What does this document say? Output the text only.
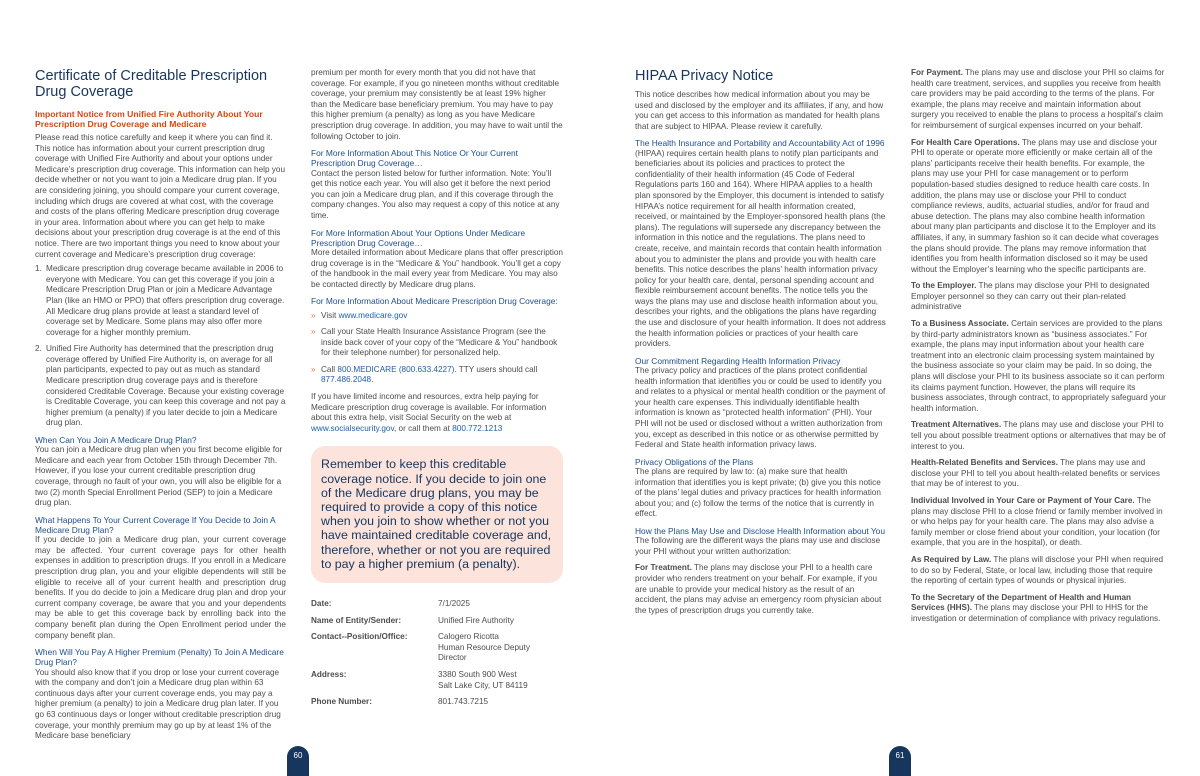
Certificate of Creditable Prescription Drug Coverage
Important Notice from Unified Fire Authority About Your Prescription Drug Coverage and Medicare

Please read this notice carefully and keep it where you can find it. This notice has information about your current prescription drug coverage with Unified Fire Authority and about your options under Medicare’s prescription drug coverage. This information can help you decide whether or not you want to join a Medicare drug plan. If you are considering joining, you should compare your current coverage, including which drugs are covered at what cost, with the coverage and costs of the plans offering Medicare prescription drug coverage in your area. Information about where you can get help to make decisions about your prescription drug coverage is at the end of this notice. There are two important things you need to know about your current coverage and Medicare’s prescription drug coverage:

1. Medicare prescription drug coverage became available in 2006 to everyone with Medicare. You can get this coverage if you join a Medicare Prescription Drug Plan or join a Medicare Advantage Plan (like an HMO or PPO) that offers prescription drug coverage. All Medicare drug plans provide at least a standard level of coverage set by Medicare. Some plans may also offer more coverage for a higher monthly premium.
2. Unified Fire Authority has determined that the prescription drug coverage offered by Unified Fire Authority is, on average for all plan participants, expected to pay out as much as standard Medicare prescription drug coverage pays and is therefore considered Creditable Coverage. Because your existing coverage is Creditable Coverage, you can keep this coverage and not pay a higher premium (a penalty) if you later decide to join a Medicare drug plan.
When Can You Join A Medicare Drug Plan?

You can join a Medicare drug plan when you first become eligible for Medicare and each year from October 15th through December 7th. However, if you lose your current creditable prescription drug coverage, through no fault of your own, you will also be eligible for a two (2) month Special Enrollment Period (SEP) to join a Medicare drug plan.

What Happens To Your Current Coverage If You Decide to Join A Medicare Drug Plan?

If you decide to join a Medicare drug plan, your current coverage may be affected. Your current coverage pays for other health expenses in addition to prescription drugs. If you enroll in a Medicare prescription drug plan, you and your eligible dependents will still be eligible to receive all of your current health and prescription drug benefits. If you do decide to join a Medicare drug plan and drop your current company coverage, be aware that you and your dependents may be able to get this coverage back by enrolling back into the company benefit plan during the Open Enrollment period under the company benefit plan.

When Will You Pay A Higher Premium (Penalty) To Join A Medicare Drug Plan?

You should also know that if you drop or lose your current coverage with the company and don’t join a Medicare drug plan within 63 continuous days after your current coverage ends, you may pay a higher premium (a penalty) to join a Medicare drug plan later. If you go 63 continuous days or longer without creditable prescription drug coverage, your monthly premium may go up by at least 1% of the Medicare base beneficiary

premium per month for every month that you did not have that coverage. For example, if you go nineteen months without creditable coverage, your premium may consistently be at least 19% higher than the Medicare base beneficiary premium. You may have to pay this higher premium (a penalty) as long as you have Medicare prescription drug coverage. In addition, you may have to wait until the following October to join.

For More Information About This Notice Or Your Current Prescription Drug Coverage…

Contact the person listed below for further information. Note: You’ll get this notice each year. You will also get it before the next period you can join a Medicare drug plan, and if this coverage through the company changes. You also may request a copy of this notice at any time.

For More Information About Your Options Under Medicare Prescription Drug Coverage…

More detailed information about Medicare plans that offer prescription drug coverage is in the “Medicare & You” handbook. You’ll get a copy of the handbook in the mail every year from Medicare. You may also be contacted directly by Medicare drug plans.

For More Information About Medicare Prescription Drug Coverage:
» Visit www.medicare.gov
» Call your State Health Insurance Assistance Program (see the inside back cover of your copy of the “Medicare & You” handbook for their telephone number) for personalized help.
» Call 800.MEDICARE (800.633.4227). TTY users should call 877.486.2048.

If you have limited income and resources, extra help paying for Medicare prescription drug coverage is available. For information about this extra help, visit Social Security on the web at www.socialsecurity.gov, or call them at 800.772.1213

Remember to keep this creditable coverage notice. If you decide to join one of the Medicare drug plans, you may be required to provide a copy of this notice when you join to show whether or not you have maintained creditable coverage and, therefore, whether or not you are required to pay a higher premium (a penalty).
Date:	7/1/2025
Name of Entity/Sender:	Unified Fire Authority
Contact--Position/Office:	Calogero Ricotta
Human Resource Deputy
Director
Address:	3380 South 900 West
Salt Lake City, UT 84119
Phone Number:	801.743.7215
60
HIPAA Privacy Notice

This notice describes how medical information about you may be used and disclosed by the employer and its affiliates, if any, and how you can get access to this information as mandated for health plans that are subject to HIPAA. Please review it carefully.

The Health Insurance and Portability and Accountability Act of 1996

(HIPAA) requires certain health plans to notify plan participants and beneficiaries about its policies and practices to protect the confidentiality of their health information (45 Code of Federal Regulations parts 160 and 164). Where HIPAA applies to a health plan sponsored by the Employer, this document is intended to satisfy HIPAA’s notice requirement for all health information created, received, or maintained by the Employer-sponsored health plans (the plans). The regulations will supersede any discrepancy between the information in this notice and the regulations. The plans need to create, receive, and maintain records that contain health information about you to administer the plans and provide you with health care benefits. This notice describes the plans’ health information privacy policy for your health care, dental, personal spending account and flexible reimbursement account benefits. The notice tells you the ways the plans may use and disclose health information about you, describes your rights, and the obligations the plans have regarding the use and disclosure of your health information. It does not address the health information policies or practices of your health care providers.

Our Commitment Regarding Health Information Privacy

The privacy policy and practices of the plans protect confidential health information that identifies you or could be used to identify you and relates to a physical or mental health condition or the payment of your health care expenses. This individually identifiable health information is known as “protected health information” (PHI). Your PHI will not be used or disclosed without a written authorization from you, except as described in this notice or as otherwise permitted by Federal and State health information privacy laws.

Privacy Obligations of the Plans

The plans are required by law to: (a) make sure that health information that identifies you is kept private; (b) give you this notice of the plans’ legal duties and privacy practices for health information about you; and (c) follow the terms of the notice that is currently in effect.

How the Plans May Use and Disclose Health Information about You

The following are the different ways the plans may use and disclose your PHI without your written authorization:

For Treatment. The plans may disclose your PHI to a health care provider who renders treatment on your behalf. For example, if you are unable to provide your medical history as the result of an accident, the plans may advise an emergency room physician about the types of prescription drugs you currently take.

For Payment. The plans may use and disclose your PHI so claims for health care treatment, services, and supplies you receive from health care providers may be paid according to the terms of the plans. For example, the plans may receive and maintain information about surgery you received to enable the plans to process a hospital’s claim for reimbursement of surgical expenses incurred on your behalf.

For Health Care Operations. The plans may use and disclose your PHI to operate or operate more efficiently or make certain all of the plans’ participants receive their health benefits. For example, the plans may use your PHI for case management or to perform population-based studies designed to reduce health care costs. In addition, the plans may use or disclose your PHI to conduct compliance reviews, audits, actuarial studies, and/or for fraud and abuse detection. The plans may also combine health information about many plan participants and disclose it to the Employer and its affiliates, if any, in summary fashion so it can decide what coverages the plans should provide. The plans may remove information that identifies you from health information disclosed so it may be used without the Employer’s learning who the specific participants are.

To the Employer. The plans may disclose your PHI to designated Employer personnel so they can carry out their plan-related administrative

To a Business Associate. Certain services are provided to the plans by third-party administrators known as “business associates.” For example, the plans may input information about your health care treatment into an electronic claim processing system maintained by the business associate so your claim may be paid. In so doing, the plans will disclose your PHI to its business associate so it can perform its claims payment function. However, the plans will require its business associates, through contract, to appropriately safeguard your health information.

Treatment Alternatives. The plans may use and disclose your PHI to tell you about possible treatment options or alternatives that may be of interest to you.

Health-Related Benefits and Services. The plans may use and disclose your PHI to tell you about health-related benefits or services that may be of interest to you.

Individual Involved in Your Care or Payment of Your Care. The plans may disclose PHI to a close friend or family member involved in or who helps pay for your health care. The plans may also advise a family member or close friend about your condition, your location (for example, that you are in the hospital), or death.

As Required by Law. The plans will disclose your PHI when required to do so by Federal, State, or local law, including those that require the reporting of certain types of wounds or physical injuries.

To the Secretary of the Department of Health and Human Services (HHS). The plans may disclose your PHI to HHS for the investigation or determination of compliance with privacy regulations.

61
